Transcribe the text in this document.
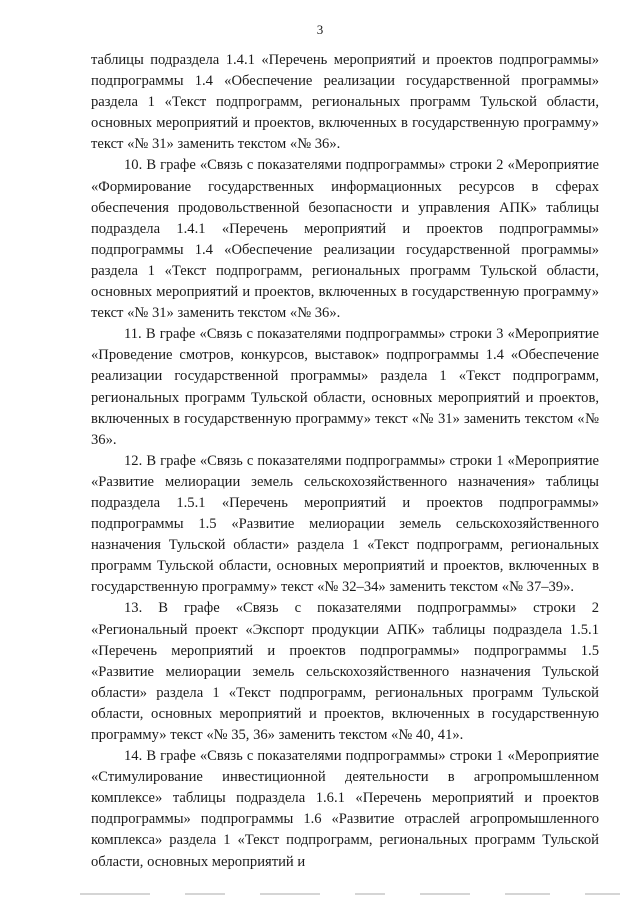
3

таблицы подраздела 1.4.1 «Перечень мероприятий и проектов подпрограммы» подпрограммы 1.4 «Обеспечение реализации государственной программы» раздела 1 «Текст подпрограмм, региональных программ Тульской области, основных мероприятий и проектов, включенных в государственную программу» текст «№ 31» заменить текстом «№ 36».

10. В графе «Связь с показателями подпрограммы» строки 2 «Мероприятие «Формирование государственных информационных ресурсов в сферах обеспечения продовольственной безопасности и управления АПК» таблицы подраздела 1.4.1 «Перечень мероприятий и проектов подпрограммы» подпрограммы 1.4 «Обеспечение реализации государственной программы» раздела 1 «Текст подпрограмм, региональных программ Тульской области, основных мероприятий и проектов, включенных в государственную программу» текст «№ 31» заменить текстом «№ 36».

11. В графе «Связь с показателями подпрограммы» строки 3 «Мероприятие «Проведение смотров, конкурсов, выставок» подпрограммы 1.4 «Обеспечение реализации государственной программы» раздела 1 «Текст подпрограмм, региональных программ Тульской области, основных мероприятий и проектов, включенных в государственную программу» текст «№ 31» заменить текстом «№ 36».

12. В графе «Связь с показателями подпрограммы» строки 1 «Мероприятие «Развитие мелиорации земель сельскохозяйственного назначения» таблицы подраздела 1.5.1 «Перечень мероприятий и проектов подпрограммы» подпрограммы 1.5 «Развитие мелиорации земель сельскохозяйственного назначения Тульской области» раздела 1 «Текст подпрограмм, региональных программ Тульской области, основных мероприятий и проектов, включенных в государственную программу» текст «№ 32–34» заменить текстом «№ 37–39».

13. В графе «Связь с показателями подпрограммы» строки 2 «Региональный проект «Экспорт продукции АПК» таблицы подраздела 1.5.1 «Перечень мероприятий и проектов подпрограммы» подпрограммы 1.5 «Развитие мелиорации земель сельскохозяйственного назначения Тульской области» раздела 1 «Текст подпрограмм, региональных программ Тульской области, основных мероприятий и проектов, включенных в государственную программу» текст «№ 35, 36» заменить текстом «№ 40, 41».

14. В графе «Связь с показателями подпрограммы» строки 1 «Мероприятие «Стимулирование инвестиционной деятельности в агропромышленном комплексе» таблицы подраздела 1.6.1 «Перечень мероприятий и проектов подпрограммы» подпрограммы 1.6 «Развитие отраслей агропромышленного комплекса» раздела 1 «Текст подпрограмм, региональных программ Тульской области, основных мероприятий и
